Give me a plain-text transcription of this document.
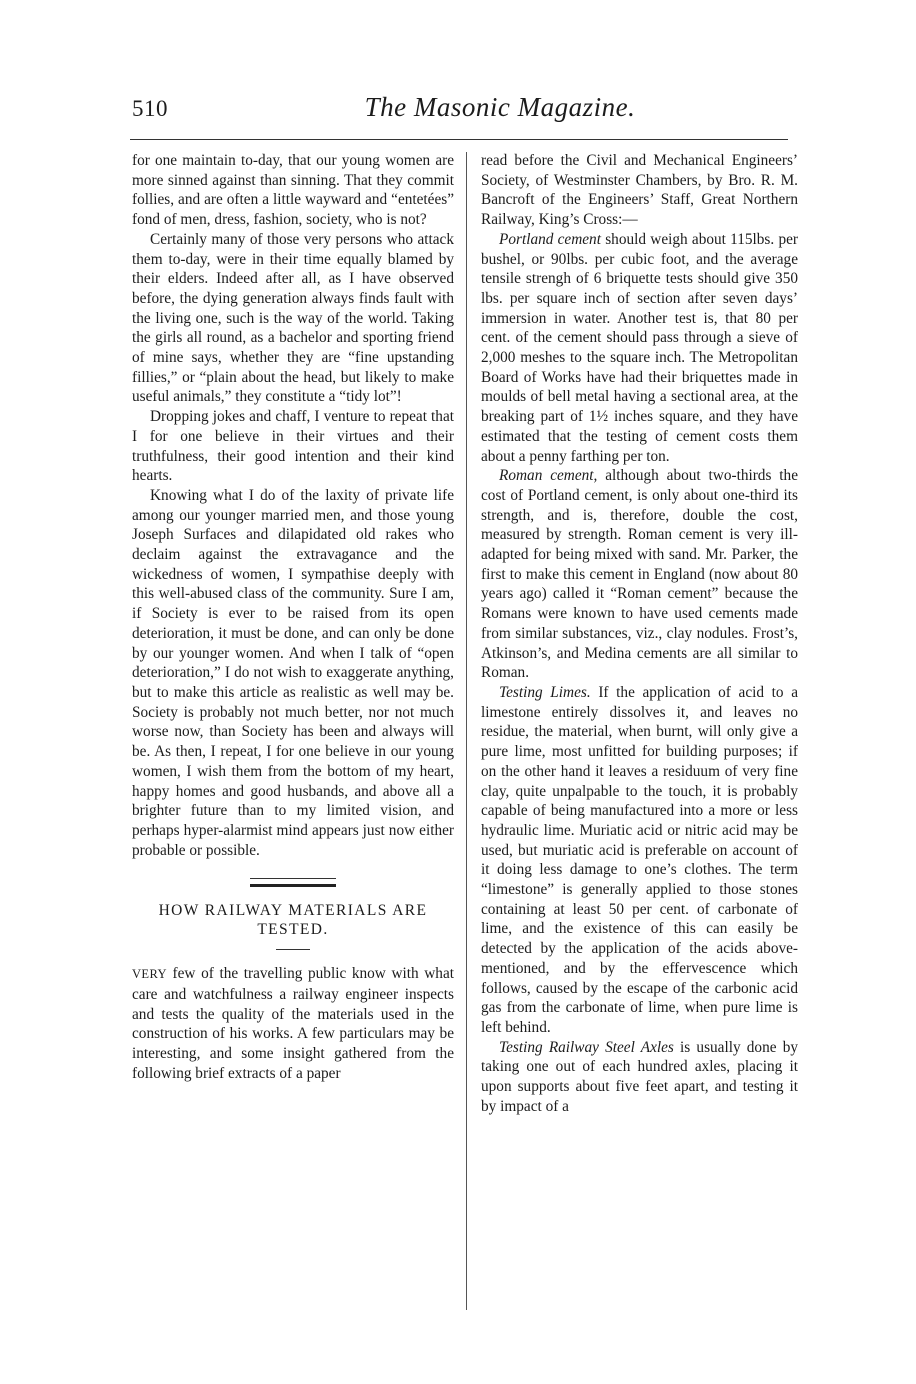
510	The Masonic Magazine.

for one maintain to-day, that our young women are more sinned against than sinning. That they commit follies, and are often a little wayward and “entetées” fond of men, dress, fashion, society, who is not?

Certainly many of those very persons who attack them to-day, were in their time equally blamed by their elders. Indeed after all, as I have observed before, the dying generation always finds fault with the living one, such is the way of the world. Taking the girls all round, as a bachelor and sporting friend of mine says, whether they are “fine upstanding fillies,” or “plain about the head, but likely to make useful animals,” they constitute a “tidy lot”!

Dropping jokes and chaff, I venture to repeat that I for one believe in their virtues and their truthfulness, their good intention and their kind hearts.

Knowing what I do of the laxity of private life among our younger married men, and those young Joseph Surfaces and dilapidated old rakes who declaim against the extravagance and the wickedness of women, I sympathise deeply with this well-abused class of the community. Sure I am, if Society is ever to be raised from its open deterioration, it must be done, and can only be done by our younger women. And when I talk of “open deterioration,” I do not wish to exaggerate anything, but to make this article as realistic as well may be. Society is probably not much better, nor not much worse now, than Society has been and always will be. As then, I repeat, I for one believe in our young women, I wish them from the bottom of my heart, happy homes and good husbands, and above all a brighter future than to my limited vision, and perhaps hyper-alarmist mind appears just now either probable or possible.

HOW RAILWAY MATERIALS ARE
TESTED.

VERY few of the travelling public know with what care and watchfulness a railway engineer inspects and tests the quality of the materials used in the construction of his works. A few particulars may be interesting, and some insight gathered from the following brief extracts of a paper

read before the Civil and Mechanical Engineers’ Society, of Westminster Chambers, by Bro. R. M. Bancroft of the Engineers’ Staff, Great Northern Railway, King’s Cross:—

Portland cement should weigh about 115lbs. per bushel, or 90lbs. per cubic foot, and the average tensile strengh of 6 briquette tests should give 350 lbs. per square inch of section after seven days’ immersion in water. Another test is, that 80 per cent. of the cement should pass through a sieve of 2,000 meshes to the square inch. The Metropolitan Board of Works have had their briquettes made in moulds of bell metal having a sectional area, at the breaking part of 1½ inches square, and they have estimated that the testing of cement costs them about a penny farthing per ton.

Roman cement, although about two-thirds the cost of Portland cement, is only about one-third its strength, and is, therefore, double the cost, measured by strength. Roman cement is very ill-adapted for being mixed with sand. Mr. Parker, the first to make this cement in England (now about 80 years ago) called it “Roman cement” because the Romans were known to have used cements made from similar substances, viz., clay nodules. Frost’s, Atkinson’s, and Medina cements are all similar to Roman.

Testing Limes. If the application of acid to a limestone entirely dissolves it, and leaves no residue, the material, when burnt, will only give a pure lime, most unfitted for building purposes; if on the other hand it leaves a residuum of very fine clay, quite unpalpable to the touch, it is probably capable of being manufactured into a more or less hydraulic lime. Muriatic acid or nitric acid may be used, but muriatic acid is preferable on account of it doing less damage to one’s clothes. The term “limestone” is generally applied to those stones containing at least 50 per cent. of carbonate of lime, and the existence of this can easily be detected by the application of the acids above-mentioned, and by the effervescence which follows, caused by the escape of the carbonic acid gas from the carbonate of lime, when pure lime is left behind.

Testing Railway Steel Axles is usually done by taking one out of each hundred axles, placing it upon supports about five feet apart, and testing it by impact of a
